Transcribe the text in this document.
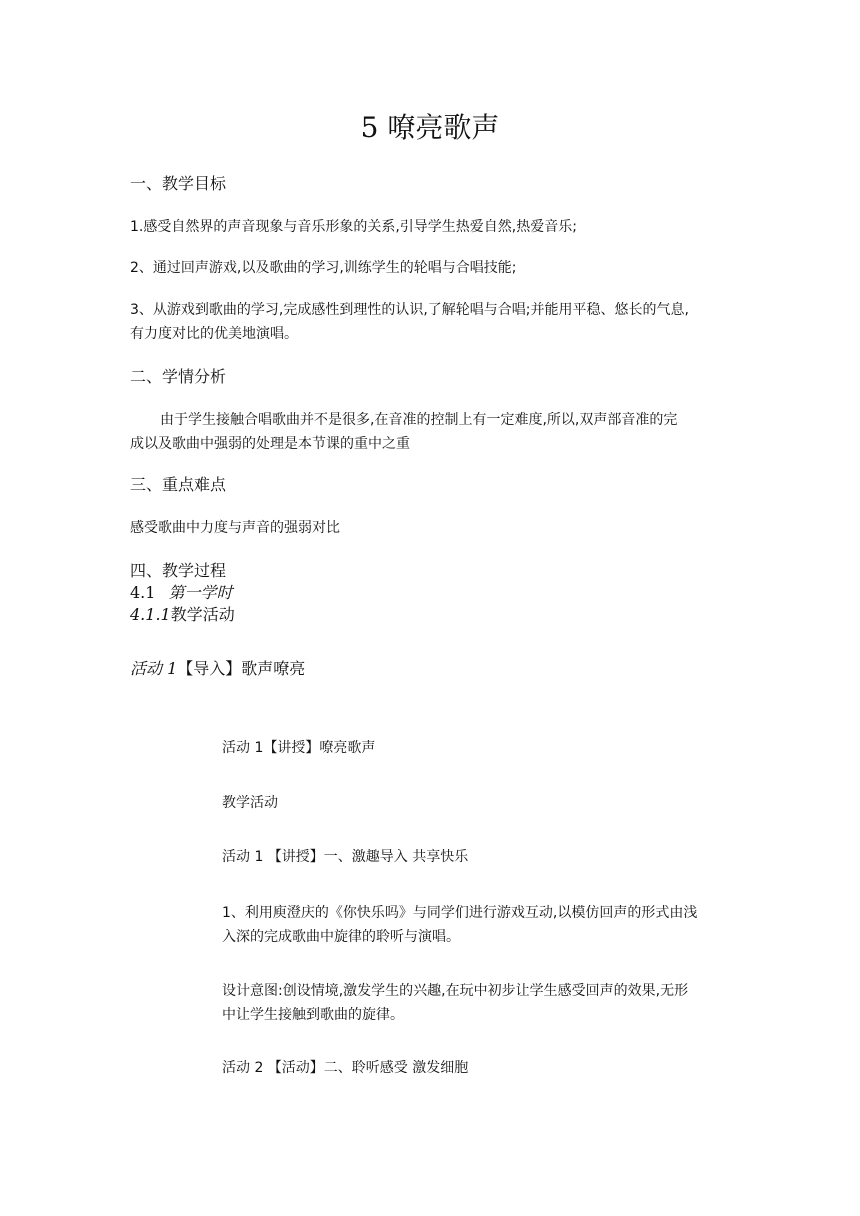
5 嘹亮歌声
一、教学目标

1.感受自然界的声音现象与音乐形象的关系,引导学生热爱自然,热爱音乐;

2、通过回声游戏,以及歌曲的学习,训练学生的轮唱与合唱技能;

3、从游戏到歌曲的学习,完成感性到理性的认识,了解轮唱与合唱;并能用平稳、悠长的气息,

有力度对比的优美地演唱。

二、学情分析

由于学生接触合唱歌曲并不是很多,在音准的控制上有一定难度,所以,双声部音准的完

成以及歌曲中强弱的处理是本节课的重中之重

三、重点难点

感受歌曲中力度与声音的强弱对比

四、教学过程

4.1 第一学时

4.1.1教学活动

活动 1【导入】歌声嘹亮

活动 1【讲授】嘹亮歌声

教学活动

活动 1 【讲授】一、激趣导入 共享快乐

1、利用庾澄庆的《你快乐吗》与同学们进行游戏互动,以模仿回声的形式由浅

入深的完成歌曲中旋律的聆听与演唱。

设计意图:创设情境,激发学生的兴趣,在玩中初步让学生感受回声的效果,无形

中让学生接触到歌曲的旋律。

活动 2 【活动】二、聆听感受 激发细胞
